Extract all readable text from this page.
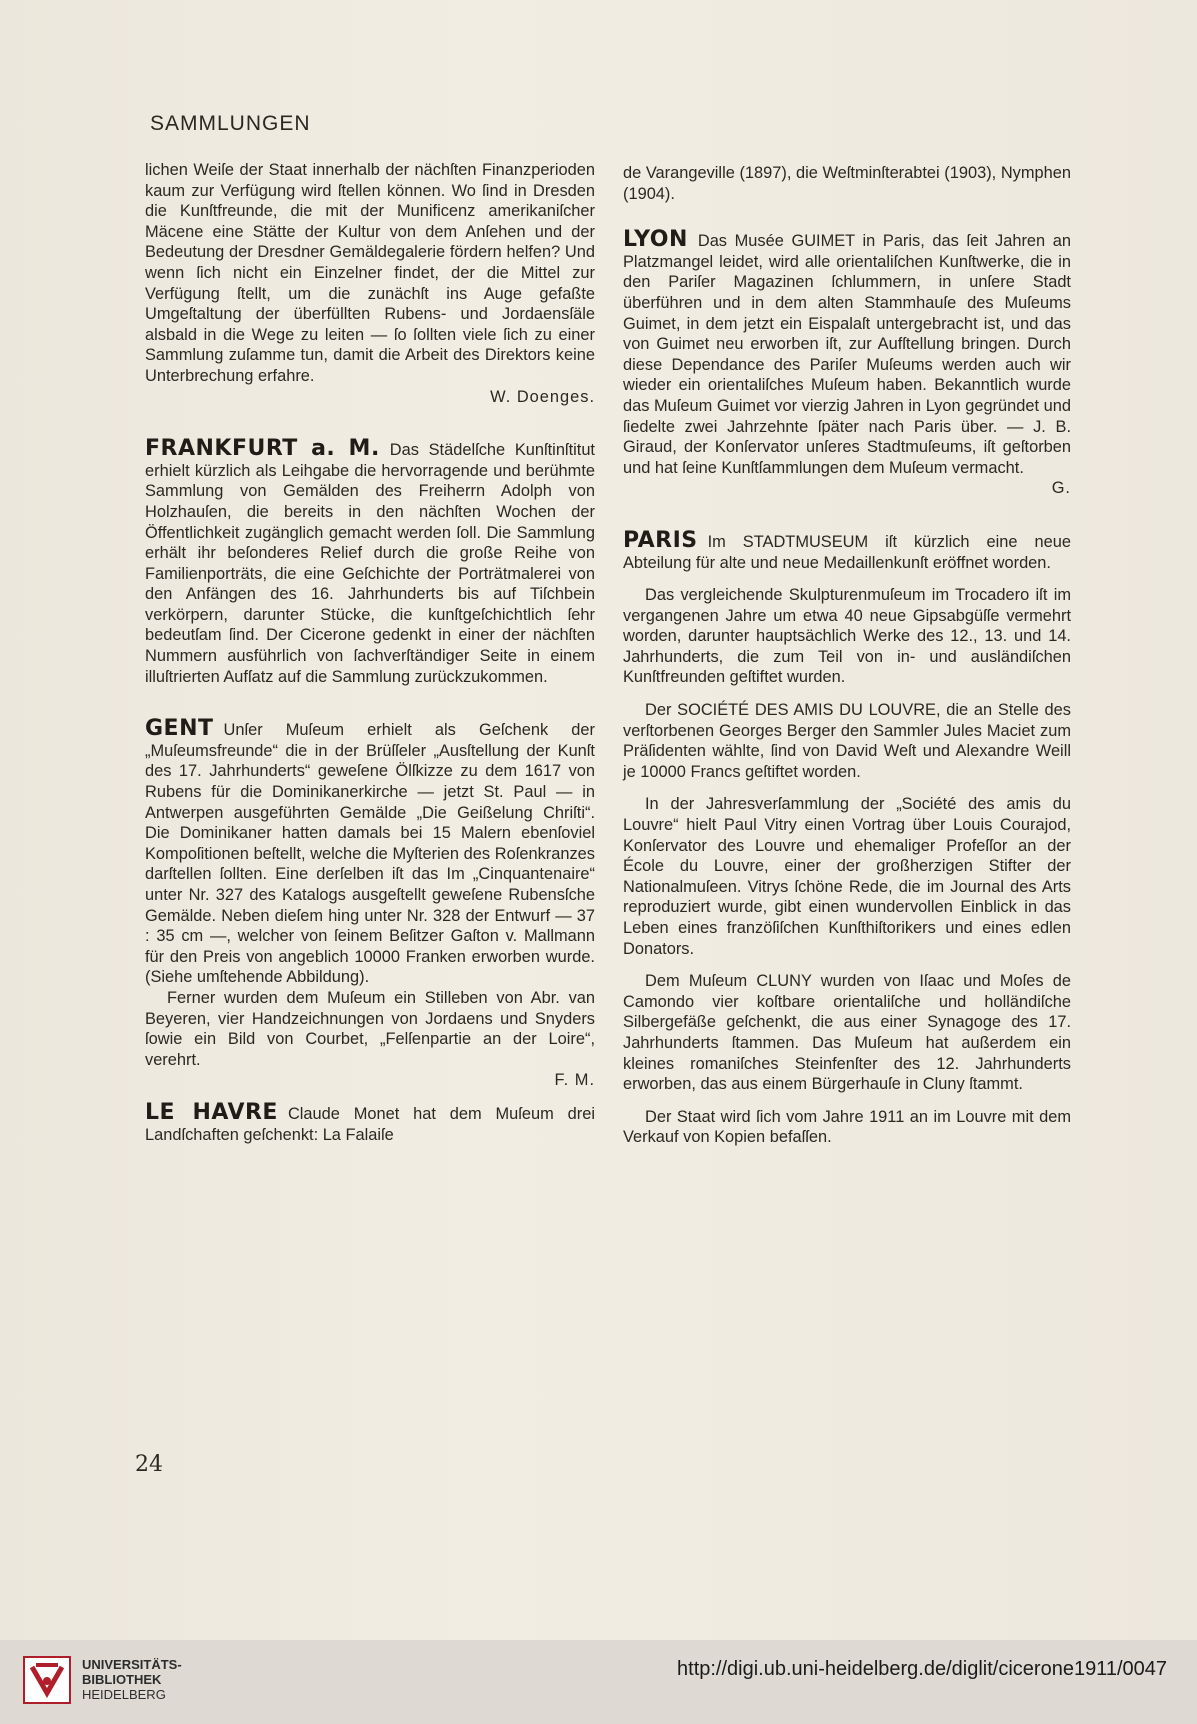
SAMMLUNGEN

lichen Weiſe der Staat innerhalb der nächſten Finanzperioden kaum zur Verfügung wird ſtellen können. Wo ſind in Dresden die Kunſtfreunde, die mit der Munificenz amerikaniſcher Mäcene eine Stätte der Kultur von dem Anſehen und der Bedeutung der Dresdner Gemäldegalerie fördern helfen? Und wenn ſich nicht ein Einzelner findet, der die Mittel zur Verfügung ſtellt, um die zunächſt ins Auge gefaßte Umgeſtaltung der überfüllten Rubens- und Jordaensſäle alsbald in die Wege zu leiten — ſo ſollten viele ſich zu einer Sammlung zuſamme tun, damit die Arbeit des Direktors keine Unterbrechung erfahre.

W. Doenges.

FRANKFURT a. M. Das Städelſche Kunſtinſtitut erhielt kürzlich als Leihgabe die hervorragende und berühmte Sammlung von Gemälden des Freiherrn Adolph von Holzhauſen, die bereits in den nächſten Wochen der Öffentlichkeit zugänglich gemacht werden ſoll. Die Sammlung erhält ihr beſonderes Relief durch die große Reihe von Familienporträts, die eine Geſchichte der Porträtmalerei von den Anfängen des 16. Jahrhunderts bis auf Tiſchbein verkörpern, darunter Stücke, die kunſtgeſchichtlich ſehr bedeutſam ſind. Der Cicerone gedenkt in einer der nächſten Nummern ausführlich von ſachverſtändiger Seite in einem illuſtrierten Aufſatz auf die Sammlung zurückzukommen.

GENT Unſer Muſeum erhielt als Geſchenk der „Muſeumsfreunde“ die in der Brüſſeler „Ausſtellung der Kunſt des 17. Jahrhunderts“ geweſene Ölſkizze zu dem 1617 von Rubens für die Dominikanerkirche — jetzt St. Paul — in Antwerpen ausgeführten Gemälde „Die Geißelung Chriſti“. Die Dominikaner hatten damals bei 15 Malern ebenſoviel Kompoſitionen beſtellt, welche die Myſterien des Roſenkranzes darſtellen ſollten. Eine derſelben iſt das Im „Cinquantenaire“ unter Nr. 327 des Katalogs ausgeſtellt geweſene Rubensſche Gemälde. Neben dieſem hing unter Nr. 328 der Entwurf — 37 : 35 cm —, welcher von ſeinem Beſitzer Gaſton v. Mallmann für den Preis von angeblich 10000 Franken erworben wurde. (Siehe umſtehende Abbildung).

Ferner wurden dem Muſeum ein Stilleben von Abr. van Beyeren, vier Handzeichnungen von Jordaens und Snyders ſowie ein Bild von Courbet, „Felſenpartie an der Loire“, verehrt.

F. M.

LE HAVRE Claude Monet hat dem Muſeum drei Landſchaften geſchenkt: La Falaiſe

de Varangeville (1897), die Weſtminſterabtei (1903), Nymphen (1904).

LYON Das Musée GUIMET in Paris, das ſeit Jahren an Platzmangel leidet, wird alle orientaliſchen Kunſtwerke, die in den Pariſer Magazinen ſchlummern, in unſere Stadt überführen und in dem alten Stammhauſe des Muſeums Guimet, in dem jetzt ein Eispalaſt untergebracht ist, und das von Guimet neu erworben iſt, zur Aufſtellung bringen. Durch diese Dependance des Pariſer Muſeums werden auch wir wieder ein orientaliſches Muſeum haben. Bekanntlich wurde das Muſeum Guimet vor vierzig Jahren in Lyon gegründet und ſiedelte zwei Jahrzehnte ſpäter nach Paris über. — J. B. Giraud, der Konſervator unſeres Stadtmuſeums, iſt geſtorben und hat ſeine Kunſtſammlungen dem Muſeum vermacht.

G.

PARIS Im STADTMUSEUM iſt kürzlich eine neue Abteilung für alte und neue Medaillenkunſt eröffnet worden.

Das vergleichende Skulpturenmuſeum im Trocadero iſt im vergangenen Jahre um etwa 40 neue Gipsabgüſſe vermehrt worden, darunter hauptsächlich Werke des 12., 13. und 14. Jahrhunderts, die zum Teil von in- und ausländiſchen Kunſtfreunden geſtiftet wurden.

Der SOCIÉTÉ DES AMIS DU LOUVRE, die an Stelle des verſtorbenen Georges Berger den Sammler Jules Maciet zum Präſidenten wählte, ſind von David Weſt und Alexandre Weill je 10000 Francs geſtiftet worden.

In der Jahresverſammlung der „Société des amis du Louvre“ hielt Paul Vitry einen Vortrag über Louis Courajod, Konſervator des Louvre und ehemaliger Profeſſor an der École du Louvre, einer der großherzigen Stifter der Nationalmuſeen. Vitrys ſchöne Rede, die im Journal des Arts reproduziert wurde, gibt einen wundervollen Einblick in das Leben eines franzöſiſchen Kunſthiſtorikers und eines edlen Donators.

Dem Muſeum CLUNY wurden von Iſaac und Moſes de Camondo vier koſtbare orientaliſche und holländiſche Silbergefäße geſchenkt, die aus einer Synagoge des 17. Jahrhunderts ſtammen. Das Muſeum hat außerdem ein kleines romaniſches Steinfenſter des 12. Jahrhunderts erworben, das aus einem Bürgerhauſe in Cluny ſtammt.

Der Staat wird ſich vom Jahre 1911 an im Louvre mit dem Verkauf von Kopien befaſſen.

24
UNIVERSITÄTS-
BIBLIOTHEK
HEIDELBERG
http://digi.ub.uni-heidelberg.de/diglit/cicerone1911/0047
